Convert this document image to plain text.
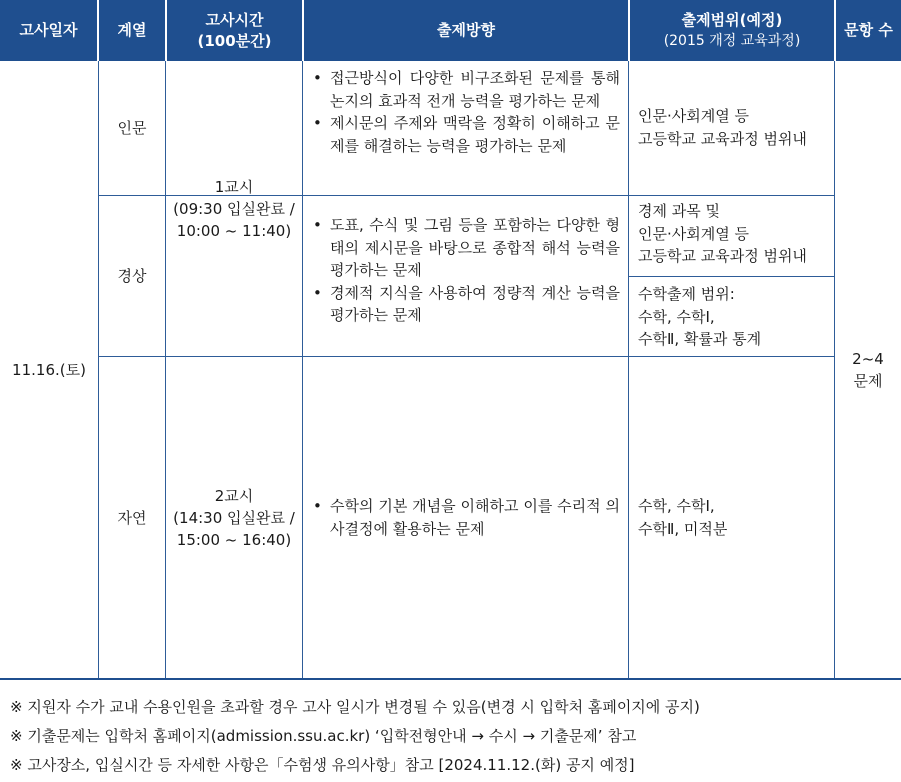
고사일자	계열
고사시간
(100분간)
출제방향
출제범위(예정)
(2015 개정 교육과정)
문항 수
11.16.(토)
2~4
문제
인문
경상
자연
1교시
(09:30 입실완료 /
10:00 ~ 11:40)
2교시
(14:30 입실완료 /
15:00 ~ 16:40)
• 접근방식이 다양한 비구조화된 문제를 통해 논지의 효과적 전개 능력을 평가하는 문제
• 제시문의 주제와 맥락을 정확히 이해하고 문제를 해결하는 능력을 평가하는 문제
• 도표, 수식 및 그림 등을 포함하는 다양한 형태의 제시문을 바탕으로 종합적 해석 능력을 평가하는 문제
• 경제적 지식을 사용하여 정량적 계산 능력을 평가하는 문제
• 수학의 기본 개념을 이해하고 이를 수리적 의사결정에 활용하는 문제
인문·사회계열 등
고등학교 교육과정 범위내
경제 과목 및
인문·사회계열 등
고등학교 교육과정 범위내
수학출제 범위:
수학, 수학Ⅰ,
수학Ⅱ, 확률과 통계
수학, 수학Ⅰ,
수학Ⅱ, 미적분
※ 지원자 수가 교내 수용인원을 초과할 경우 고사 일시가 변경될 수 있음(변경 시 입학처 홈페이지에 공지)
※ 기출문제는 입학처 홈페이지(admission.ssu.ac.kr) ‘입학전형안내 → 수시 → 기출문제’ 참고
※ 고사장소, 입실시간 등 자세한 사항은「수험생 유의사항」참고 [2024.11.12.(화) 공지 예정]
